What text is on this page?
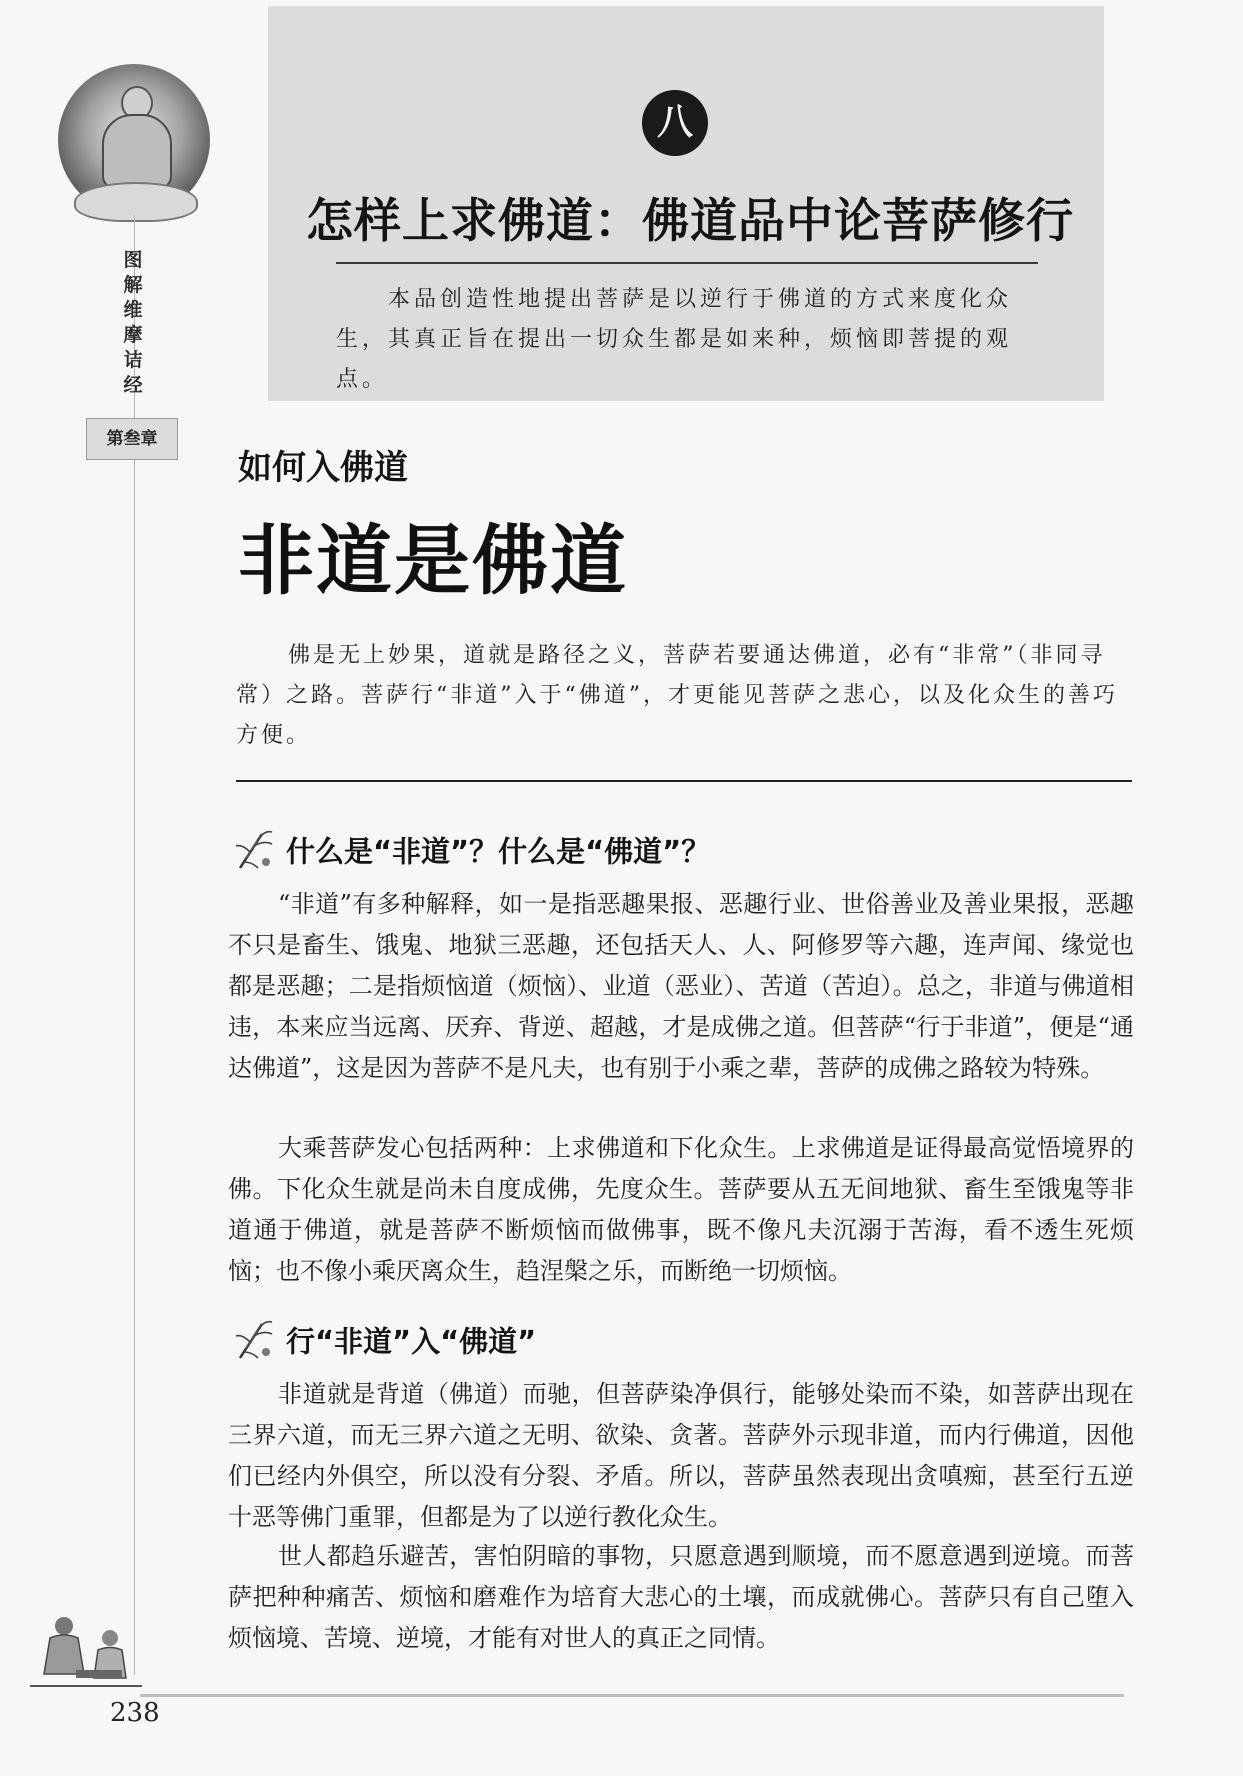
图解维摩诘经
第叁章
八
怎样上求佛道：佛道品中论菩萨修行
本品创造性地提出菩萨是以逆行于佛道的方式来度化众生，其真正旨在提出一切众生都是如来种，烦恼即菩提的观点。
如何入佛道
非道是佛道
佛是无上妙果，道就是路径之义，菩萨若要通达佛道，必有“非常”（非同寻常）之路。菩萨行“非道”入于“佛道”，才更能见菩萨之悲心，以及化众生的善巧方便。
什么是“非道”？什么是“佛道”？
“非道”有多种解释，如一是指恶趣果报、恶趣行业、世俗善业及善业果报，恶趣不只是畜生、饿鬼、地狱三恶趣，还包括天人、人、阿修罗等六趣，连声闻、缘觉也都是恶趣；二是指烦恼道（烦恼）、业道（恶业）、苦道（苦迫）。总之，非道与佛道相违，本来应当远离、厌弃、背逆、超越，才是成佛之道。但菩萨“行于非道”，便是“通达佛道”，这是因为菩萨不是凡夫，也有别于小乘之辈，菩萨的成佛之路较为特殊。
大乘菩萨发心包括两种：上求佛道和下化众生。上求佛道是证得最高觉悟境界的佛。下化众生就是尚未自度成佛，先度众生。菩萨要从五无间地狱、畜生至饿鬼等非道通于佛道，就是菩萨不断烦恼而做佛事，既不像凡夫沉溺于苦海，看不透生死烦恼；也不像小乘厌离众生，趋涅槃之乐，而断绝一切烦恼。
行“非道”入“佛道”
非道就是背道（佛道）而驰，但菩萨染净俱行，能够处染而不染，如菩萨出现在三界六道，而无三界六道之无明、欲染、贪著。菩萨外示现非道，而内行佛道，因他们已经内外俱空，所以没有分裂、矛盾。所以，菩萨虽然表现出贪嗔痴，甚至行五逆十恶等佛门重罪，但都是为了以逆行教化众生。
世人都趋乐避苦，害怕阴暗的事物，只愿意遇到顺境，而不愿意遇到逆境。而菩萨把种种痛苦、烦恼和磨难作为培育大悲心的土壤，而成就佛心。菩萨只有自己堕入烦恼境、苦境、逆境，才能有对世人的真正之同情。
238
